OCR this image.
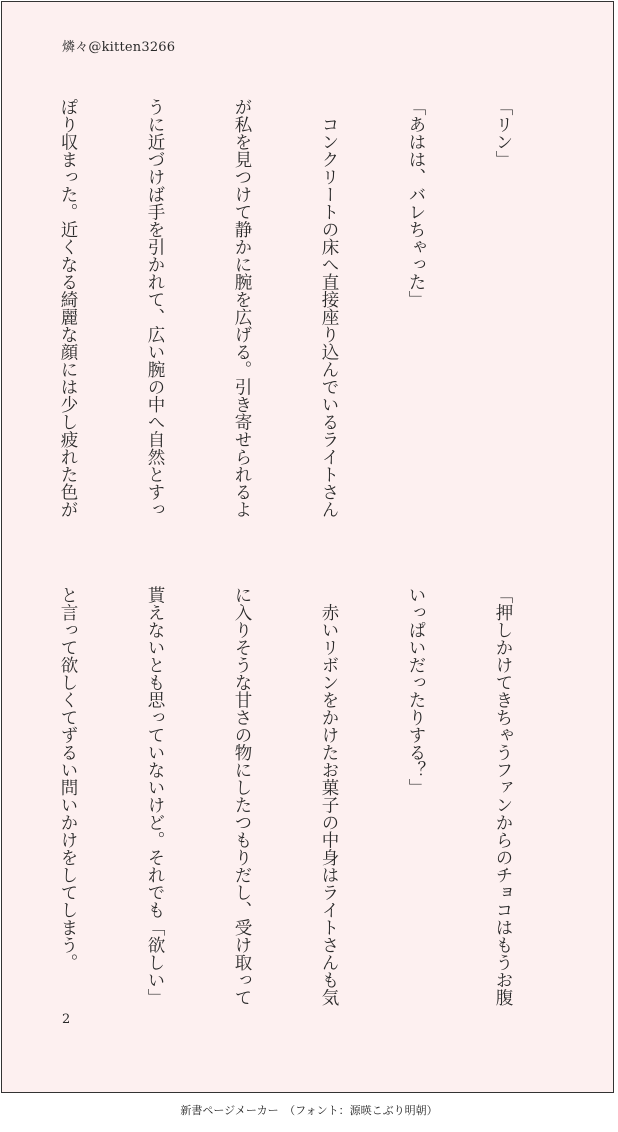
燐々@kitten3266

「リン」

「あはは、バレちゃった」

　コンクリートの床へ直接座り込んでいるライトさん

が私を見つけて静かに腕を広げる。引き寄せられるよ

うに近づけば手を引かれて、広い腕の中へ自然とすっ

ぽり収まった。近くなる綺麗な顔には少し疲れた色が

「押しかけてきちゃうファンからのチョコはもうお腹

いっぱいだったりする？」

　赤いリボンをかけたお菓子の中身はライトさんも気

に入りそうな甘さの物にしたつもりだし、受け取って

貰えないとも思っていないけど。それでも「欲しい」

と言って欲しくてずるい問いかけをしてしまう。

2
新書ページメーカー　（フォント：源暎こぶり明朝）
